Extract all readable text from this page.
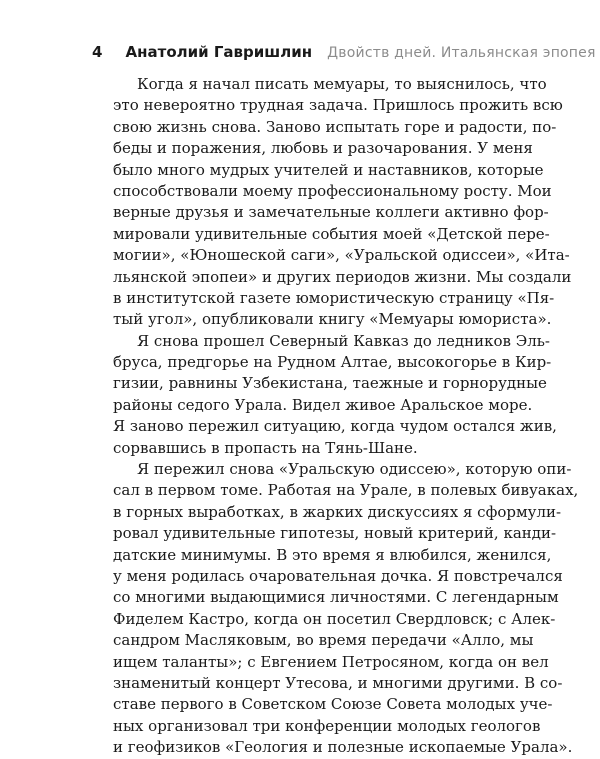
4 Анатолий Гавришлин Двойств дней. Итальянская эпопея
Когда я начал писать мемуары, то выяснилось, что
это невероятно трудная задача. Пришлось прожить всю
свою жизнь снова. Заново испытать горе и радости, по-
беды и поражения, любовь и разочарования. У меня
было много мудрых учителей и наставников, которые
способствовали моему профессиональному росту. Мои
верные друзья и замечательные коллеги активно фор-
мировали удивительные события моей «Детской пере-
могии», «Юношеской саги», «Уральской одиссеи», «Ита-
льянской эпопеи» и других периодов жизни. Мы создали
в институтской газете юмористическую страницу «Пя-
тый угол», опубликовали книгу «Мемуары юмориста».
Я снова прошел Северный Кавказ до ледников Эль-
бруса, предгорье на Рудном Алтае, высокогорье в Кир-
гизии, равнины Узбекистана, таежные и горнорудные
районы седого Урала. Видел живое Аральское море.
Я заново пережил ситуацию, когда чудом остался жив,
сорвавшись в пропасть на Тянь-Шане.
Я пережил снова «Уральскую одиссею», которую опи-
сал в первом томе. Работая на Урале, в полевых бивуаках,
в горных выработках, в жарких дискуссиях я сформули-
ровал удивительные гипотезы, новый критерий, канди-
датские минимумы. В это время я влюбился, женился,
у меня родилась очаровательная дочка. Я повстречался
со многими выдающимися личностями. С легендарным
Фиделем Кастро, когда он посетил Свердловск; с Алек-
сандром Масляковым, во время передачи «Алло, мы
ищем таланты»; с Евгением Петросяном, когда он вел
знаменитый концерт Утесова, и многими другими. В со-
ставе первого в Советском Союзе Совета молодых уче-
ных организовал три конференции молодых геологов
и геофизиков «Геология и полезные ископаемые Урала».
